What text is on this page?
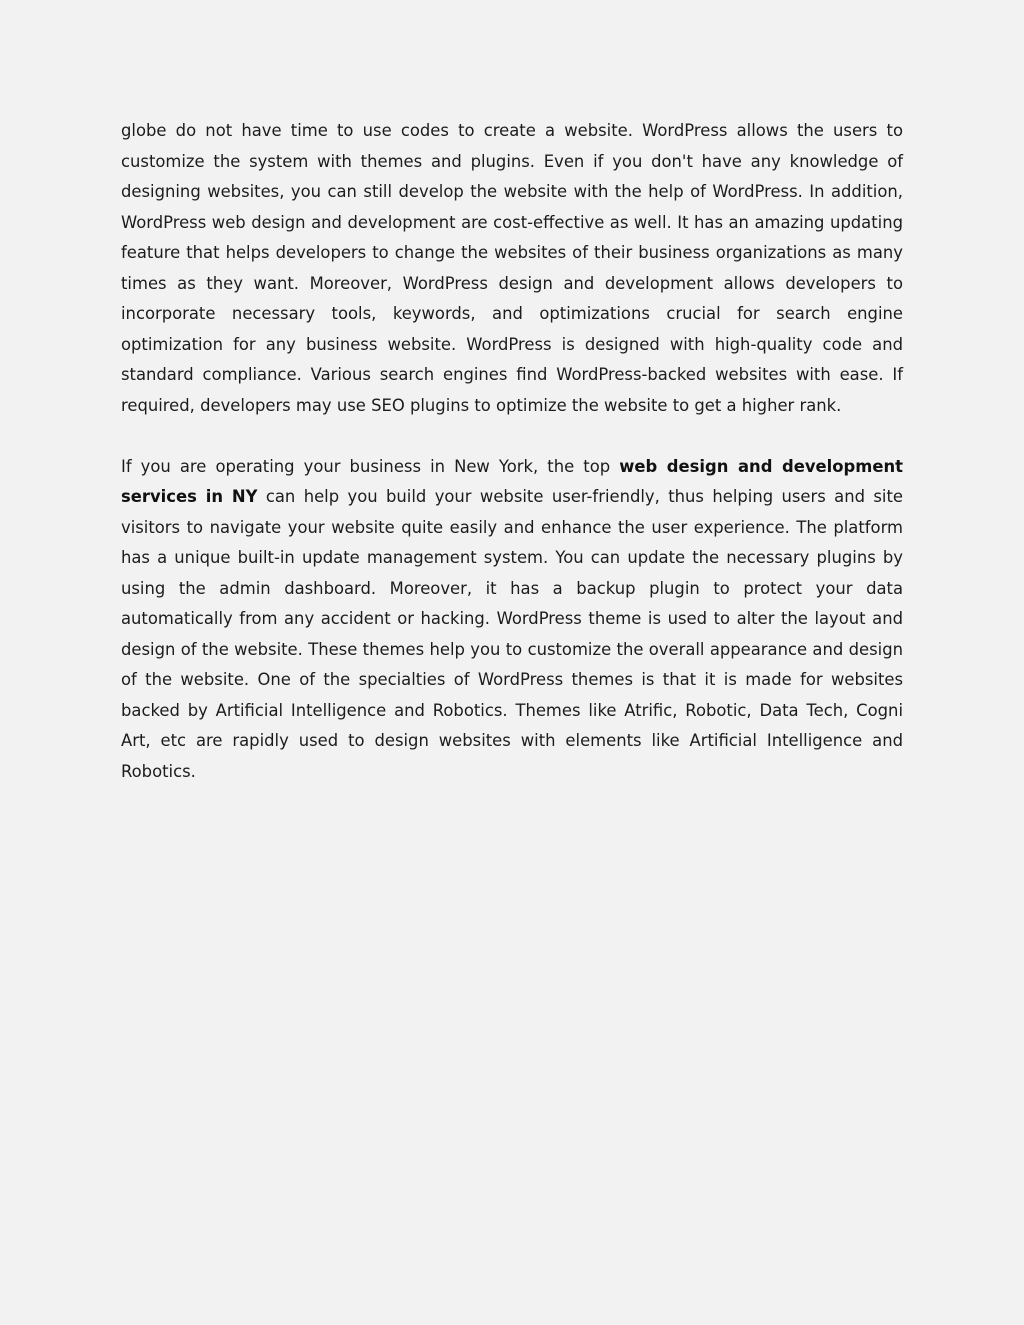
globe do not have time to use codes to create a website. WordPress allows the users to customize the system with themes and plugins. Even if you don't have any knowledge of designing websites, you can still develop the website with the help of WordPress. In addition, WordPress web design and development are cost-effective as well. It has an amazing updating feature that helps developers to change the websites of their business organizations as many times as they want. Moreover, WordPress design and development allows developers to incorporate necessary tools, keywords, and optimizations crucial for search engine optimization for any business website. WordPress is designed with high-quality code and standard compliance. Various search engines find WordPress-backed websites with ease. If required, developers may use SEO plugins to optimize the website to get a higher rank.

If you are operating your business in New York, the top web design and development services in NY can help you build your website user-friendly, thus helping users and site visitors to navigate your website quite easily and enhance the user experience. The platform has a unique built-in update management system. You can update the necessary plugins by using the admin dashboard. Moreover, it has a backup plugin to protect your data automatically from any accident or hacking. WordPress theme is used to alter the layout and design of the website. These themes help you to customize the overall appearance and design of the website. One of the specialties of WordPress themes is that it is made for websites backed by Artificial Intelligence and Robotics. Themes like Atrific, Robotic, Data Tech, Cogni Art, etc are rapidly used to design websites with elements like Artificial Intelligence and Robotics.
